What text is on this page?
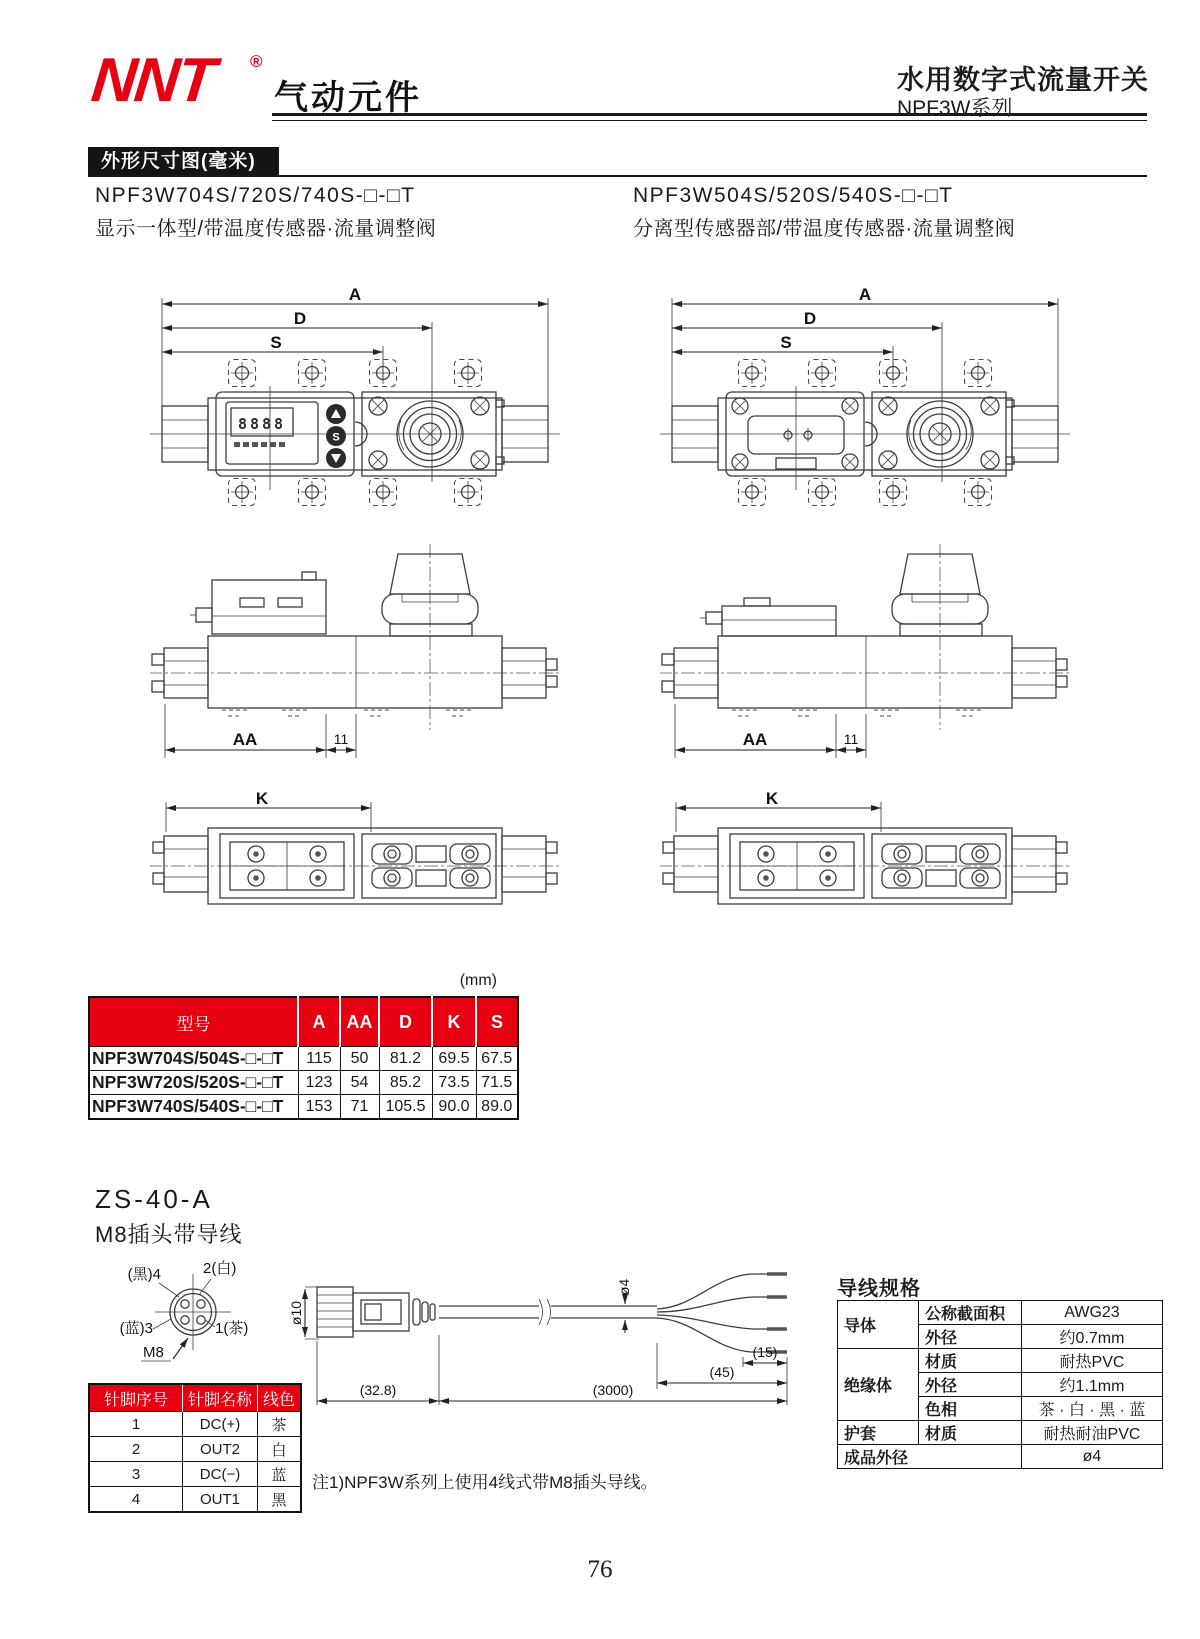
NNT ®
气动元件	水用数字式流量开关
NPF3W系列
外形尺寸图(毫米)
NPF3W704S/720S/740S-□-□T
显示一体型/带温度传感器·流量调整阀
NPF3W504S/520S/540S-□-□T
分离型传感器部/带温度传感器·流量调整阀
A
D
S
8888
S
A
D
S
AA	11	AA	11
K	K
(mm)
型号	A	AA	D	K	S
NPF3W704S/504S-□-□T	115	50	81.2	69.5	67.5
NPF3W720S/520S-□-□T	123	54	85.2	73.5	71.5
NPF3W740S/540S-□-□T	153	71	105.5	90.0	89.0
ZS-40-A
M8插头带导线
(黑)4	2(白)
(蓝)3	1(茶)
M8
ø10
ø4
(15)
(45)
(32.8)	(3000)
针脚序号	针脚名称	线色
1	DC(+)	茶
2	OUT2	白
3	DC(−)	蓝
4	OUT1	黑
注1)NPF3W系列上使用4线式带M8插头导线。
导线规格
导体	公称截面积	AWG23
	外径	约0.7mm
绝缘体	材质	耐热PVC
	外径	约1.1mm
	色相	茶 · 白 · 黑 · 蓝
护套	材质	耐热耐油PVC
成品外径		ø4
76
